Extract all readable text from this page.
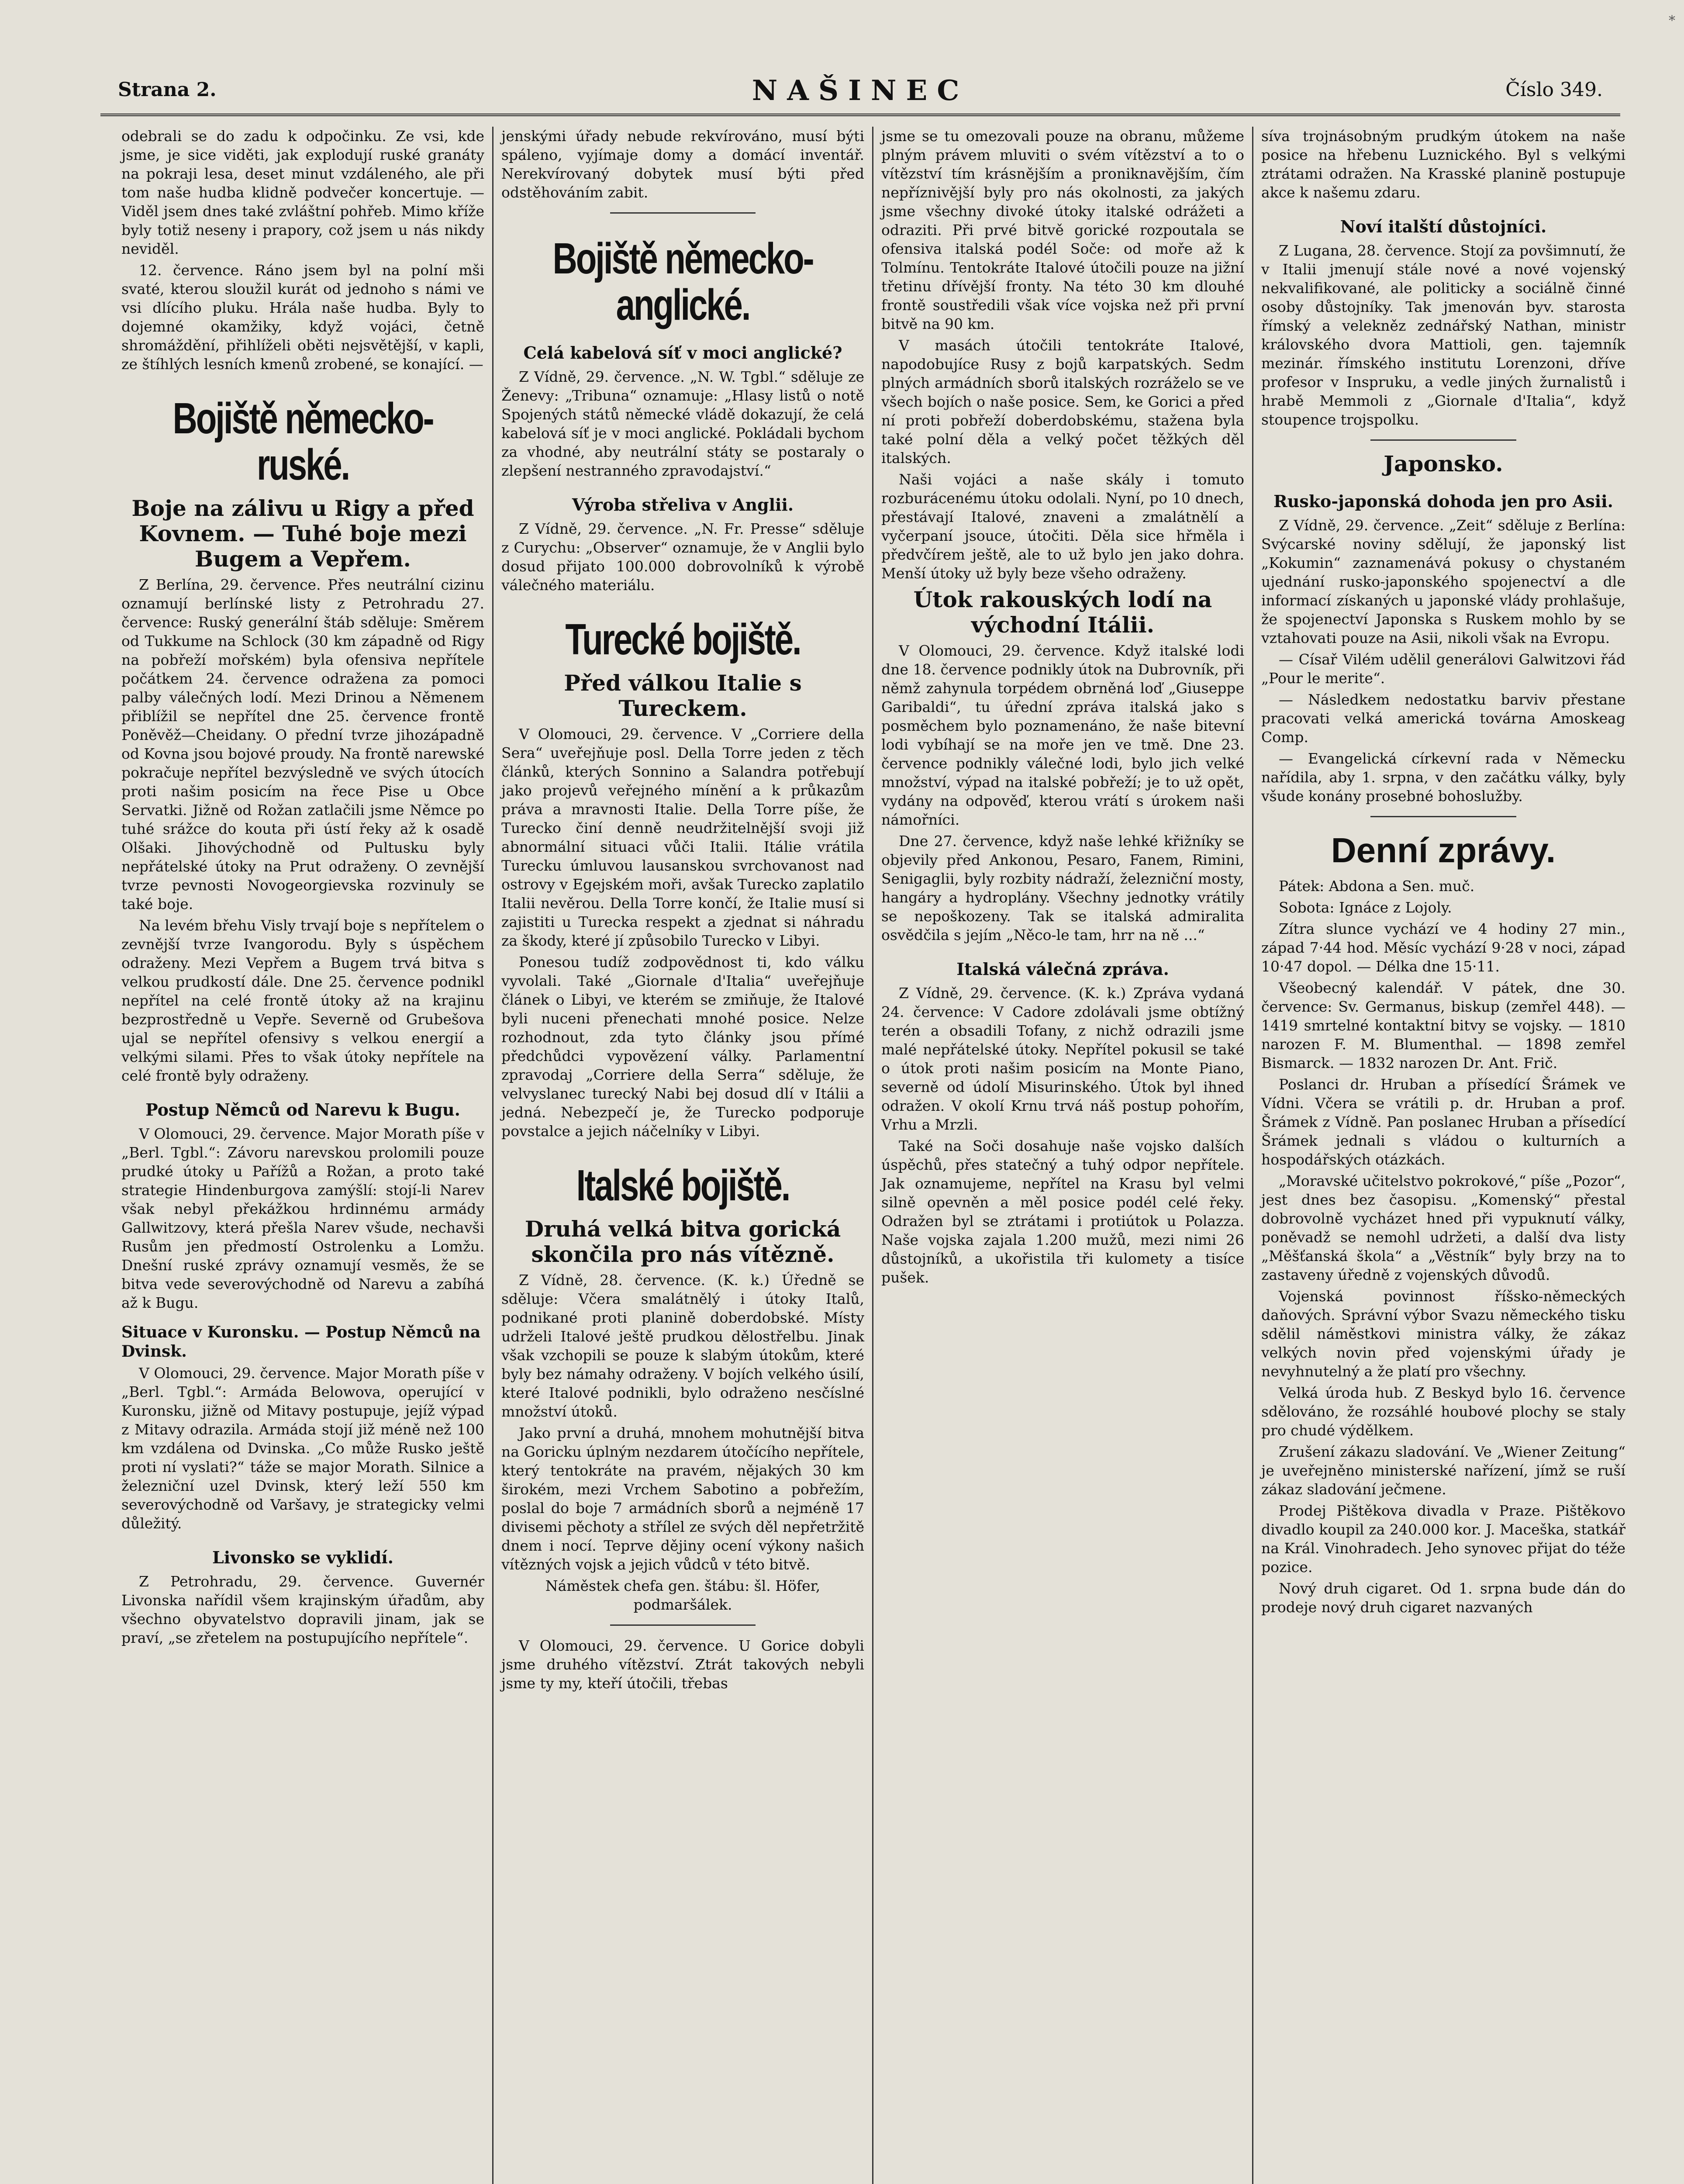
Strana 2.	NAŠINEC	Číslo 349.
*

odebrali se do zadu k odpočinku. Ze vsi, kde jsme, je sice viděti, jak explodují ruské granáty na pokraji lesa, deset minut vzdáleného, ale při tom naše hudba klidně podvečer koncertuje. — Viděl jsem dnes také zvláštní pohřeb. Mimo kříže byly totiž neseny i prapory, což jsem u nás nikdy neviděl.

12. července. Ráno jsem byl na polní mši svaté, kterou sloužil kurát od jednoho s námi ve vsi dlícího pluku. Hrála naše hudba. Byly to dojemné okamžiky, když vojáci, četně shromáždění, přihlíželi oběti nejsvětější, v kapli, ze štíhlých lesních kmenů zrobené, se konající. —

Bojiště německo-ruské.
Boje na zálivu u Rigy a před Kovnem. — Tuhé boje mezi Bugem a Vepřem.

Z Berlína, 29. července. Přes neutrální cizinu oznamují berlínské listy z Petrohradu 27. července: Ruský generální štáb sděluje: Směrem od Tukkume na Schlock (30 km západně od Rigy na pobřeží mořském) byla ofensiva nepřítele počátkem 24. července odražena za pomoci palby válečných lodí. Mezi Drinou a Němenem přiblížil se nepřítel dne 25. července frontě Poněvěž—Cheidany. O přední tvrze jihozápadně od Kovna jsou bojové proudy. Na frontě narewské pokračuje nepřítel bezvýsledně ve svých útocích proti našim posicím na řece Pise u Obce Servatki. Jižně od Rožan zatlačili jsme Němce po tuhé srážce do kouta při ústí řeky až k osadě Olšaki. Jihovýchodně od Pultusku byly nepřátelské útoky na Prut odraženy. O zevnější tvrze pevnosti Novogeorgievska rozvinuly se také boje.

Na levém břehu Visly trvají boje s nepřítelem o zevnější tvrze Ivangorodu. Byly s úspěchem odraženy. Mezi Vepřem a Bugem trvá bitva s velkou prudkostí dále. Dne 25. července podnikl nepřítel na celé frontě útoky až na krajinu bezprostředně u Vepře. Severně od Grubešova ujal se nepřítel ofensivy s velkou energií a velkými silami. Přes to však útoky nepřítele na celé frontě byly odraženy.

Postup Němců od Narevu k Bugu.

V Olomouci, 29. července. Major Morath píše v „Berl. Tgbl.“: Závoru narevskou prolomili pouze prudké útoky u Pařížů a Rožan, a proto také strategie Hindenburgova zamýšlí: stojí-li Narev však nebyl překážkou hrdinnému armády Gallwitzovy, která přešla Narev všude, nechavši Rusům jen předmostí Ostrolenku a Lomžu. Dnešní ruské zprávy oznamují vesměs, že se bitva vede severovýchodně od Narevu a zabíhá až k Bugu.

Situace v Kuronsku. — Postup Němců na Dvinsk.

V Olomouci, 29. července. Major Morath píše v „Berl. Tgbl.“: Armáda Belowova, operující v Kuronsku, jižně od Mitavy postupuje, jejíž výpad z Mitavy odrazila. Armáda stojí již méně než 100 km vzdálena od Dvinska. „Co může Rusko ještě proti ní vyslati?“ táže se major Morath. Silnice a železniční uzel Dvinsk, který leží 550 km severovýchodně od Varšavy, je strategicky velmi důležitý.

Livonsko se vyklidí.

Z Petrohradu, 29. července. Guvernér Livonska nařídil všem krajinským úřadům, aby všechno obyvatelstvo dopravili jinam, jak se praví, „se zřetelem na postupujícího nepřítele“.

jenskými úřady nebude rekvírováno, musí býti spáleno, vyjímaje domy a domácí inventář. Nerekvírovaný dobytek musí býti před odstěhováním zabit.

Bojiště německo-anglické.
Celá kabelová síť v moci anglické?

Z Vídně, 29. července. „N. W. Tgbl.“ sděluje ze Ženevy: „Tribuna“ oznamuje: „Hlasy listů o notě Spojených států německé vládě dokazují, že celá kabelová síť je v moci anglické. Pokládali bychom za vhodné, aby neutrální státy se postaraly o zlepšení nestranného zpravodajství.“

Výroba střeliva v Anglii.

Z Vídně, 29. července. „N. Fr. Presse“ sděluje z Curychu: „Observer“ oznamuje, že v Anglii bylo dosud přijato 100.000 dobrovolníků k výrobě válečného materiálu.

Turecké bojiště.
Před válkou Italie s Tureckem.

V Olomouci, 29. července. V „Corriere della Sera“ uveřejňuje posl. Della Torre jeden z těch článků, kterých Sonnino a Salandra potřebují jako projevů veřejného mínění a k průkazům práva a mravnosti Italie. Della Torre píše, že Turecko činí denně neudržitelnější svoji již abnormální situaci vůči Italii. Itálie vrátila Turecku úmluvou lausanskou svrchovanost nad ostrovy v Egejském moři, avšak Turecko zaplatilo Italii nevěrou. Della Torre končí, že Italie musí si zajistiti u Turecka respekt a zjednat si náhradu za škody, které jí způsobilo Turecko v Libyi.

Ponesou tudíž zodpovědnost ti, kdo válku vyvolali. Také „Giornale d'Italia“ uveřejňuje článek o Libyi, ve kterém se zmiňuje, že Italové byli nuceni přenechati mnohé posice. Nelze rozhodnout, zda tyto články jsou přímé předchůdci vypovězení války. Parlamentní zpravodaj „Corriere della Serra“ sděluje, že velvyslanec turecký Nabi bej dosud dlí v Itálii a jedná. Nebezpečí je, že Turecko podporuje povstalce a jejich náčelníky v Libyi.

Italské bojiště.
Druhá velká bitva gorická skončila pro nás vítězně.

Z Vídně, 28. července. (K. k.) Úředně se sděluje: Včera smalátnělý i útoky Italů, podnikané proti planině doberdobské. Místy udrželi Italové ještě prudkou dělostřelbu. Jinak však vzchopili se pouze k slabým útokům, které byly bez námahy odraženy. V bojích velkého úsilí, které Italové podnikli, bylo odraženo nesčíslné množství útoků.

Jako první a druhá, mnohem mohutnější bitva na Goricku úplným nezdarem útočícího nepřítele, který tentokráte na pravém, nějakých 30 km širokém, mezi Vrchem Sabotino a pobřežím, poslal do boje 7 armádních sborů a nejméně 17 divisemi pěchoty a střílel ze svých děl nepřetržitě dnem i nocí. Teprve dějiny ocení výkony našich vítězných vojsk a jejich vůdců v této bitvě.

Náměstek chefa gen. štábu: šl. Höfer, podmaršálek.

V Olomouci, 29. července. U Gorice dobyli jsme druhého vítězství. Ztrát takových nebyli jsme ty my, kteří útočili, třebas

jsme se tu omezovali pouze na obranu, můžeme plným právem mluviti o svém vítězství a to o vítězství tím krásnějším a proniknavějším, čím nepříznivější byly pro nás okolnosti, za jakých jsme všechny divoké útoky italské odrážeti a odraziti. Při prvé bitvě gorické rozpoutala se ofensiva italská podél Soče: od moře až k Tolmínu. Tentokráte Italové útočili pouze na jižní třetinu dřívější fronty. Na této 30 km dlouhé frontě soustředili však více vojska než při první bitvě na 90 km.

V masách útočili tentokráte Italové, napodobujíce Rusy z bojů karpatských. Sedm plných armádních sborů italských rozráželo se ve všech bojích o naše posice. Sem, ke Gorici a před ní proti pobřeží doberdobskému, stažena byla také polní děla a velký počet těžkých děl italských.

Naši vojáci a naše skály i tomuto rozburácenému útoku odolali. Nyní, po 10 dnech, přestávají Italové, znaveni a zmalátnělí a vyčerpaní jsouce, útočiti. Děla sice hřměla i předvčírem ještě, ale to už bylo jen jako dohra. Menší útoky už byly beze všeho odraženy.

Útok rakouských lodí na východní Itálii.

V Olomouci, 29. července. Když italské lodi dne 18. července podnikly útok na Dubrovník, při němž zahynula torpédem obrněná loď „Giuseppe Garibaldi“, tu úřední zpráva italská jako s posměchem bylo poznamenáno, že naše bitevní lodi vybíhají se na moře jen ve tmě. Dne 23. července podnikly válečné lodi, bylo jich velké množství, výpad na italské pobřeží; je to už opět, vydány na odpověď, kterou vrátí s úrokem naši námořníci.

Dne 27. července, když naše lehké křižníky se objevily před Ankonou, Pesaro, Fanem, Rimini, Senigaglii, byly rozbity nádraží, železniční mosty, hangáry a hydroplány. Všechny jednotky vrátily se nepoškozeny. Tak se italská admiralita osvědčila s jejím „Něco-le tam, hrr na ně ...“

Italská válečná zpráva.

Z Vídně, 29. července. (K. k.) Zpráva vydaná 24. července: V Cadore zdolávali jsme obtížný terén a obsadili Tofany, z nichž odrazili jsme malé nepřátelské útoky. Nepřítel pokusil se také o útok proti našim posicím na Monte Piano, severně od údolí Misurinského. Útok byl ihned odražen. V okolí Krnu trvá náš postup pohořím, Vrhu a Mrzli.

Také na Soči dosahuje naše vojsko dalších úspěchů, přes statečný a tuhý odpor nepřítele. Jak oznamujeme, nepřítel na Krasu byl velmi silně opevněn a měl posice podél celé řeky. Odražen byl se ztrátami i protiútok u Polazza. Naše vojska zajala 1.200 mužů, mezi nimi 26 důstojníků, a ukořistila tři kulomety a tisíce pušek.

síva trojnásobným prudkým útokem na naše posice na hřebenu Luznického. Byl s velkými ztrátami odražen. Na Krasské planině postupuje akce k našemu zdaru.

Noví italští důstojníci.

Z Lugana, 28. července. Stojí za povšimnutí, že v Italii jmenují stále nové a nové vojenský nekvalifikované, ale politicky a sociálně činné osoby důstojníky. Tak jmenován byv. starosta římský a velekněz zednářský Nathan, ministr královského dvora Mattioli, gen. tajemník mezinár. římského institutu Lorenzoni, dříve profesor v Inspruku, a vedle jiných žurnalistů i hrabě Memmoli z „Giornale d'Italia“, když stoupence trojspolku.

Japonsko.
Rusko-japonská dohoda jen pro Asii.

Z Vídně, 29. července. „Zeit“ sděluje z Berlína: Svýcarské noviny sdělují, že japonský list „Kokumin“ zaznamenává pokusy o chystaném ujednání rusko-japonského spojenectví a dle informací získaných u japonské vlády prohlašuje, že spojenectví Japonska s Ruskem mohlo by se vztahovati pouze na Asii, nikoli však na Evropu.

— Císař Vilém udělil generálovi Galwitzovi řád „Pour le merite“.

— Následkem nedostatku barviv přestane pracovati velká americká továrna Amoskeag Comp.

— Evangelická církevní rada v Německu nařídila, aby 1. srpna, v den začátku války, byly všude konány prosebné bohoslužby.

Denní zprávy.

Pátek: Abdona a Sen. muč.

Sobota: Ignáce z Lojoly.

Zítra slunce vychází ve 4 hodiny 27 min., západ 7·44 hod. Měsíc vychází 9·28 v noci, západ 10·47 dopol. — Délka dne 15·11.

Všeobecný kalendář. V pátek, dne 30. července: Sv. Germanus, biskup (zemřel 448). — 1419 smrtelné kontaktní bitvy se vojsky. — 1810 narozen F. M. Blumenthal. — 1898 zemřel Bismarck. — 1832 narozen Dr. Ant. Frič.

Poslanci dr. Hruban a přísedící Šrámek ve Vídni. Včera se vrátili p. dr. Hruban a prof. Šrámek z Vídně. Pan poslanec Hruban a přísedící Šrámek jednali s vládou o kulturních a hospodářských otázkách.

„Moravské učitelstvo pokrokové,“ píše „Pozor“, jest dnes bez časopisu. „Komenský“ přestal dobrovolně vycházet hned při vypuknutí války, poněvadž se nemohl udržeti, a další dva listy „Měšťanská škola“ a „Věstník“ byly brzy na to zastaveny úředně z vojenských důvodů.

Vojenská povinnost říšsko-německých daňových. Správní výbor Svazu německého tisku sdělil náměstkovi ministra války, že zákaz velkých novin před vojenskými úřady je nevyhnutelný a že platí pro všechny.

Velká úroda hub. Z Beskyd bylo 16. července sdělováno, že rozsáhlé houbové plochy se staly pro chudé výdělkem.

Zrušení zákazu sladování. Ve „Wiener Zeitung“ je uveřejněno ministerské nařízení, jímž se ruší zákaz sladování ječmene.

Prodej Pištěkova divadla v Praze. Pištěkovo divadlo koupil za 240.000 kor. J. Maceška, statkář na Král. Vinohradech. Jeho synovec přijat do téže pozice.

Nový druh cigaret. Od 1. srpna bude dán do prodeje nový druh cigaret nazvaných
